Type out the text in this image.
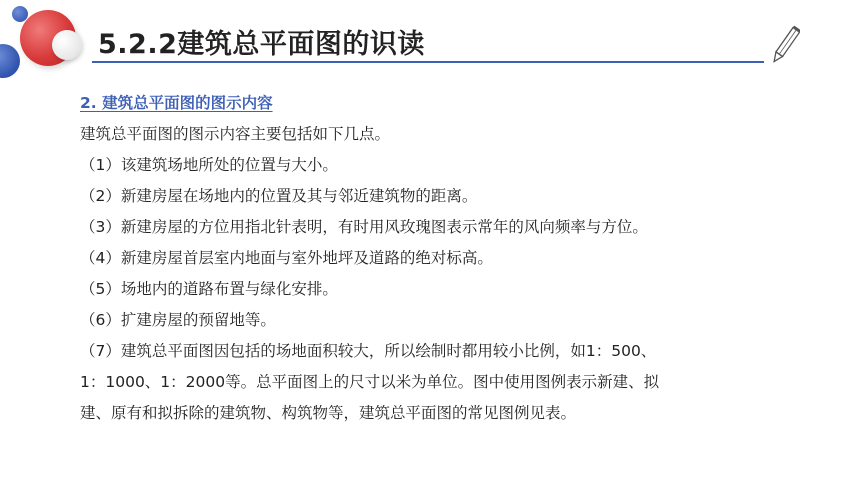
5.2.2建筑总平面图的识读
2. 建筑总平面图的图示内容
建筑总平面图的图示内容主要包括如下几点。
（1）该建筑场地所处的位置与大小。
（2）新建房屋在场地内的位置及其与邻近建筑物的距离。
（3）新建房屋的方位用指北针表明，有时用风玫瑰图表示常年的风向频率与方位。
（4）新建房屋首层室内地面与室外地坪及道路的绝对标高。
（5）场地内的道路布置与绿化安排。
（6）扩建房屋的预留地等。
（7）建筑总平面图因包括的场地面积较大，所以绘制时都用较小比例，如1：500、
1：1000、1：2000等。总平面图上的尺寸以米为单位。图中使用图例表示新建、拟
建、原有和拟拆除的建筑物、构筑物等，建筑总平面图的常见图例见表。
